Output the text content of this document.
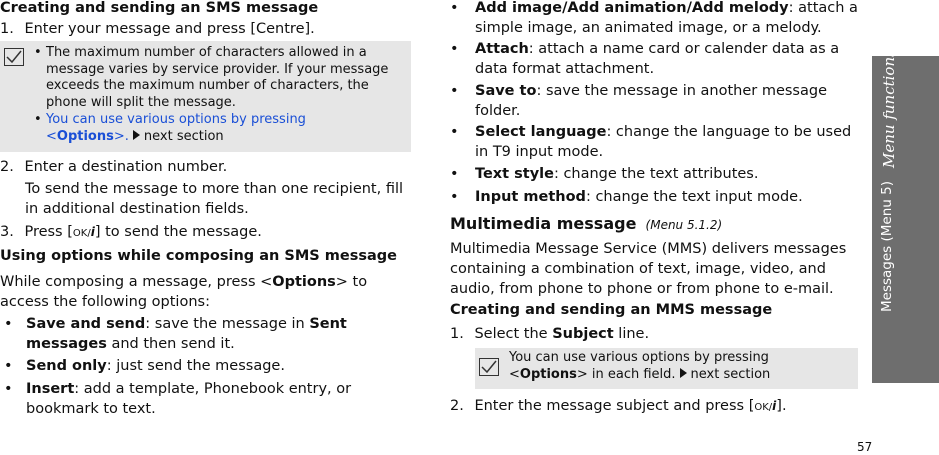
Creating and sending an SMS message
1. Enter your message and press [Centre].
• The maximum number of characters allowed in a message varies by service provider. If your message exceeds the maximum number of characters, the phone will split the message.
• You can use various options by pressing
<Options>. next section
2. Enter a destination number.
To send the message to more than one recipient, fill in additional destination fields.
3. Press [OK/i] to send the message.
Using options while composing an SMS message
While composing a message, press <Options> to access the following options:
• Save and send: save the message in Sent messages and then send it.
• Send only: just send the message.
• Insert: add a template, Phonebook entry, or bookmark to text.
• Add image/Add animation/Add melody: attach a simple image, an animated image, or a melody.
• Attach: attach a name card or calender data as a data format attachment.
• Save to: save the message in another message folder.
• Select language: change the language to be used in T9 input mode.
• Text style: change the text attributes.
• Input method: change the text input mode.
Multimedia message (Menu 5.1.2)
Multimedia Message Service (MMS) delivers messages containing a combination of text, image, video, and audio, from phone to phone or from phone to e-mail.
Creating and sending an MMS message
1. Select the Subject line.
You can use various options by pressing
<Options> in each field. next section
2. Enter the message subject and press [OK/i].
Menu functions
Messages (Menu 5)
57
